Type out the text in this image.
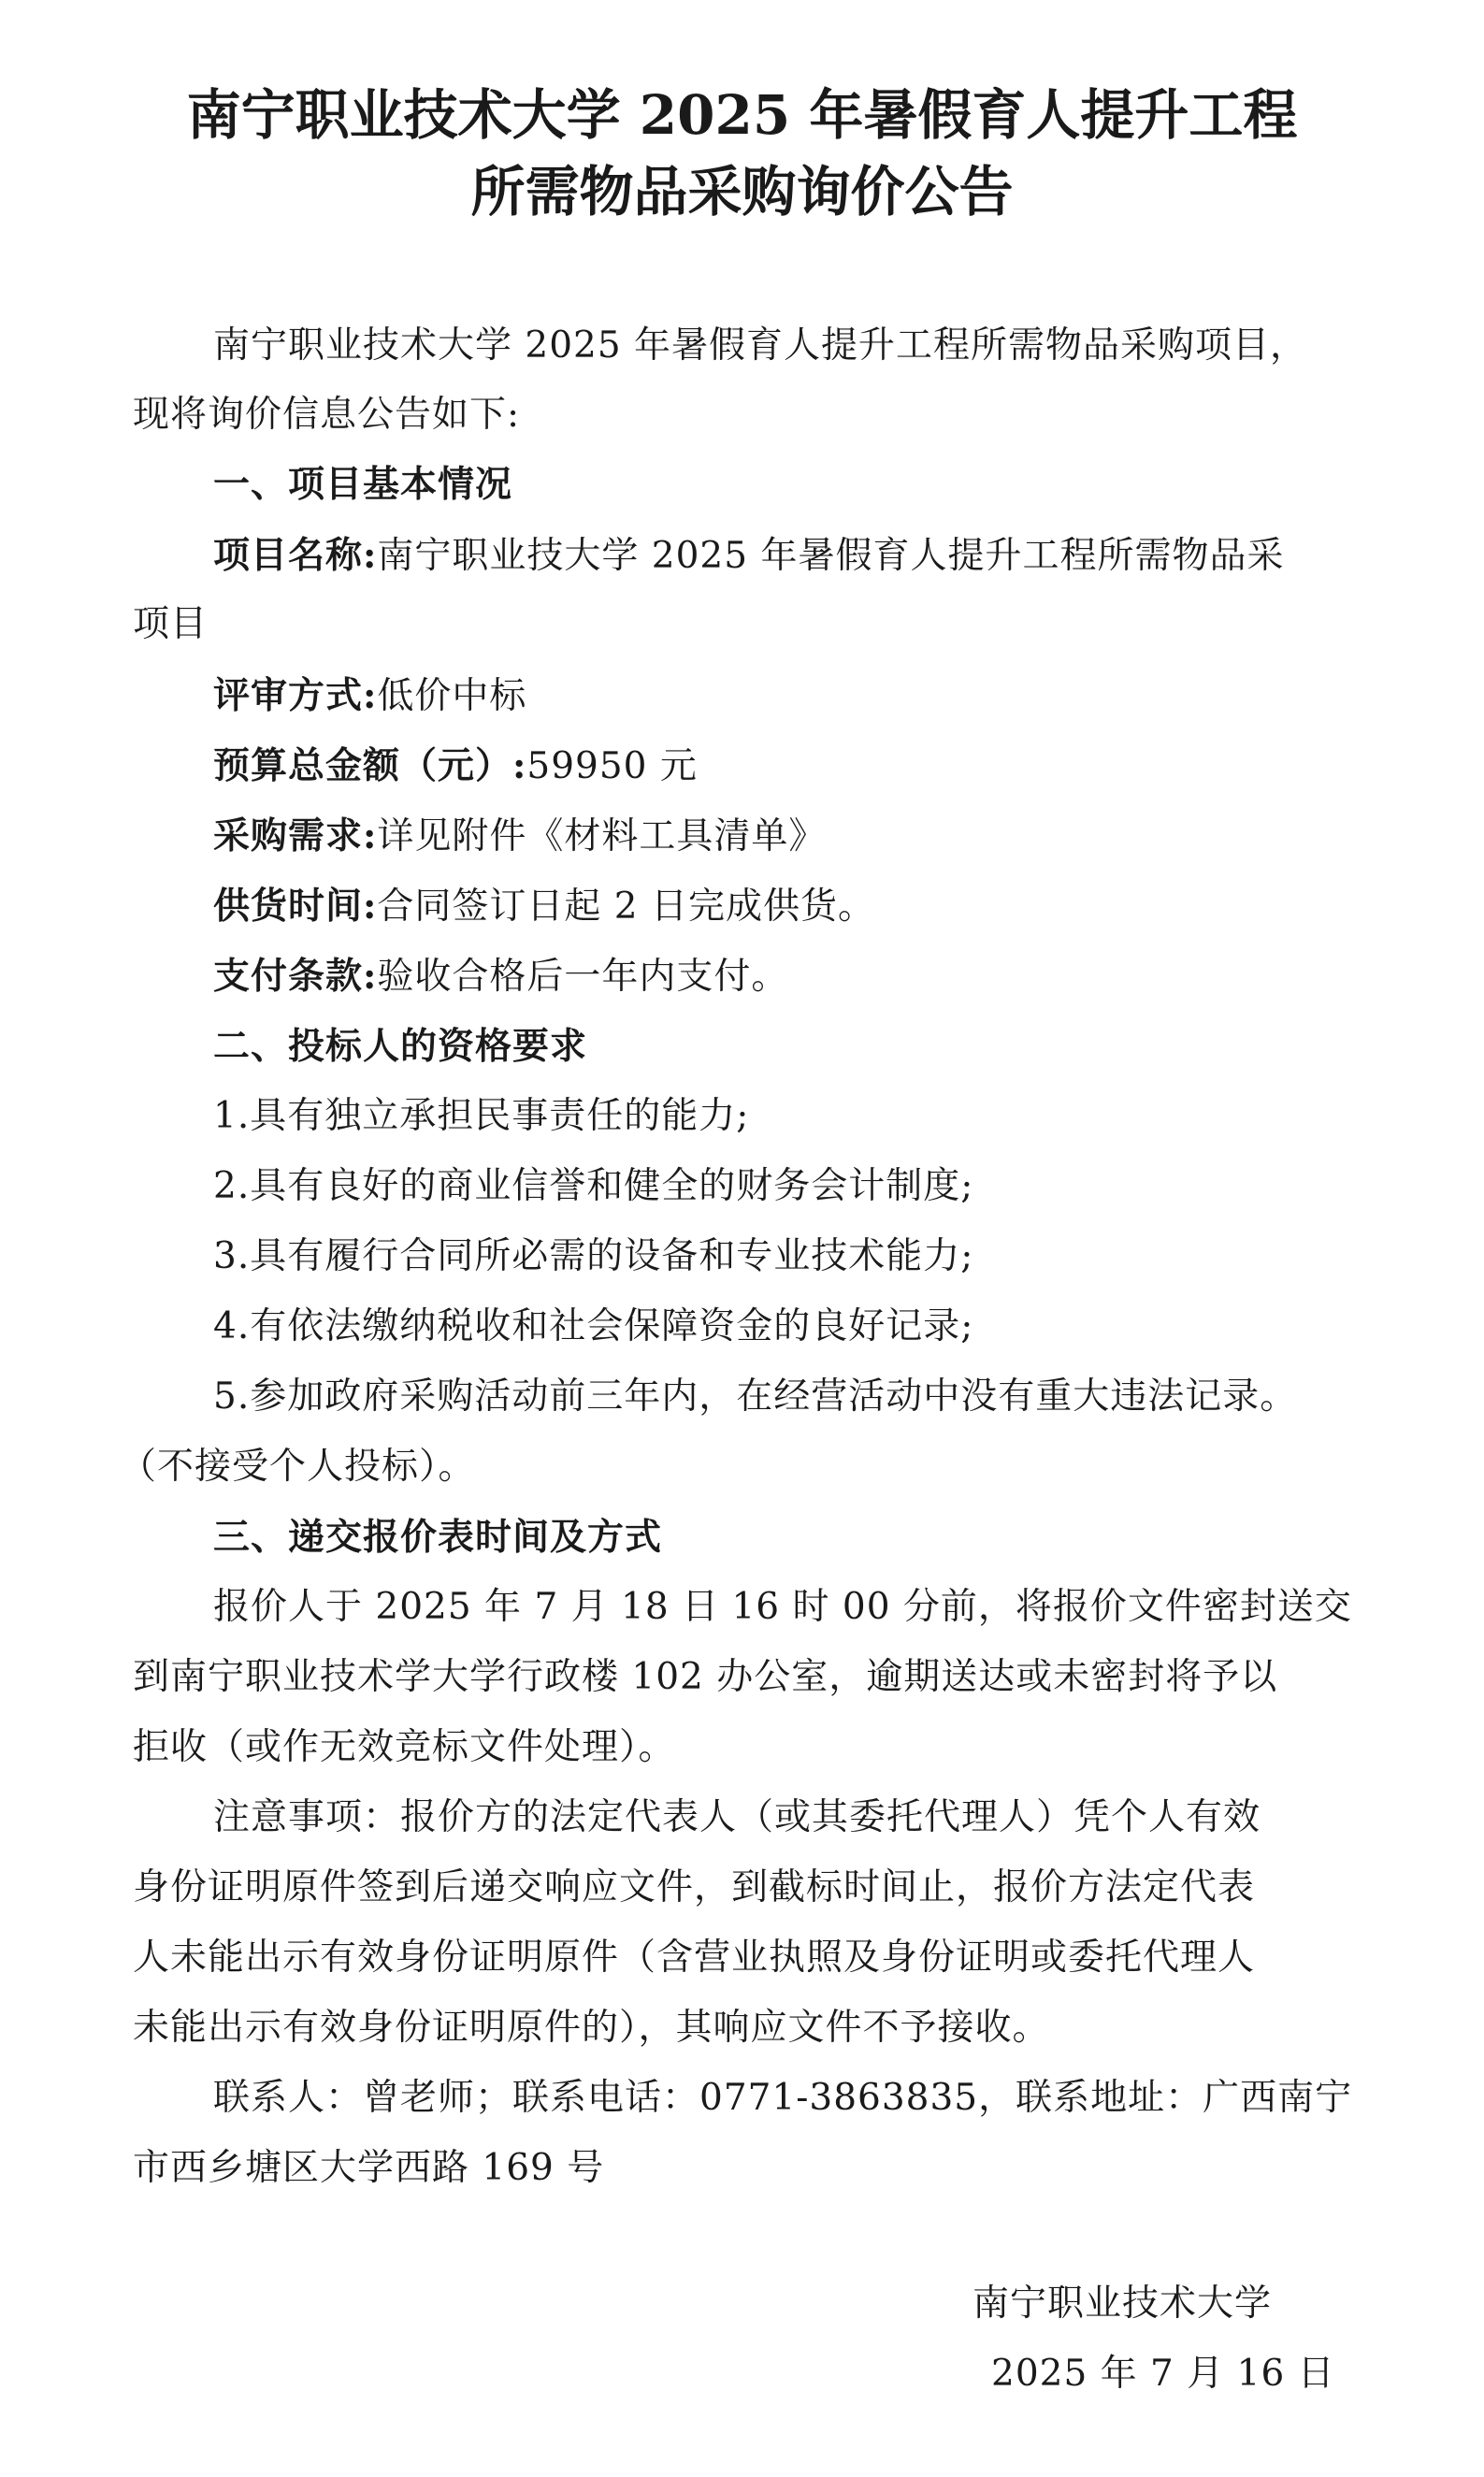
南宁职业技术大学 2025 年暑假育人提升工程
所需物品采购询价公告
南宁职业技术大学 2025 年暑假育人提升工程所需物品采购项目，
现将询价信息公告如下:
一、项目基本情况
项目名称:南宁职业技大学 2025 年暑假育人提升工程所需物品采
项目
评审方式:低价中标
预算总金额（元）:59950 元
采购需求:详见附件《材料工具清单》
供货时间:合同签订日起 2 日完成供货。
支付条款:验收合格后一年内支付。
二、投标人的资格要求
1.具有独立承担民事责任的能力;
2.具有良好的商业信誉和健全的财务会计制度;
3.具有履行合同所必需的设备和专业技术能力;
4.有依法缴纳税收和社会保障资金的良好记录;
5.参加政府采购活动前三年内，在经营活动中没有重大违法记录。
（不接受个人投标）。
三、递交报价表时间及方式
报价人于 2025 年 7 月 18 日 16 时 00 分前，将报价文件密封送交
到南宁职业技术学大学行政楼 102 办公室，逾期送达或未密封将予以
拒收（或作无效竞标文件处理）。
注意事项：报价方的法定代表人（或其委托代理人）凭个人有效
身份证明原件签到后递交响应文件，到截标时间止，报价方法定代表
人未能出示有效身份证明原件（含营业执照及身份证明或委托代理人
未能出示有效身份证明原件的），其响应文件不予接收。
联系人：曾老师；联系电话：0771-3863835，联系地址：广西南宁
市西乡塘区大学西路 169 号
南宁职业技术大学
2025 年 7 月 16 日
